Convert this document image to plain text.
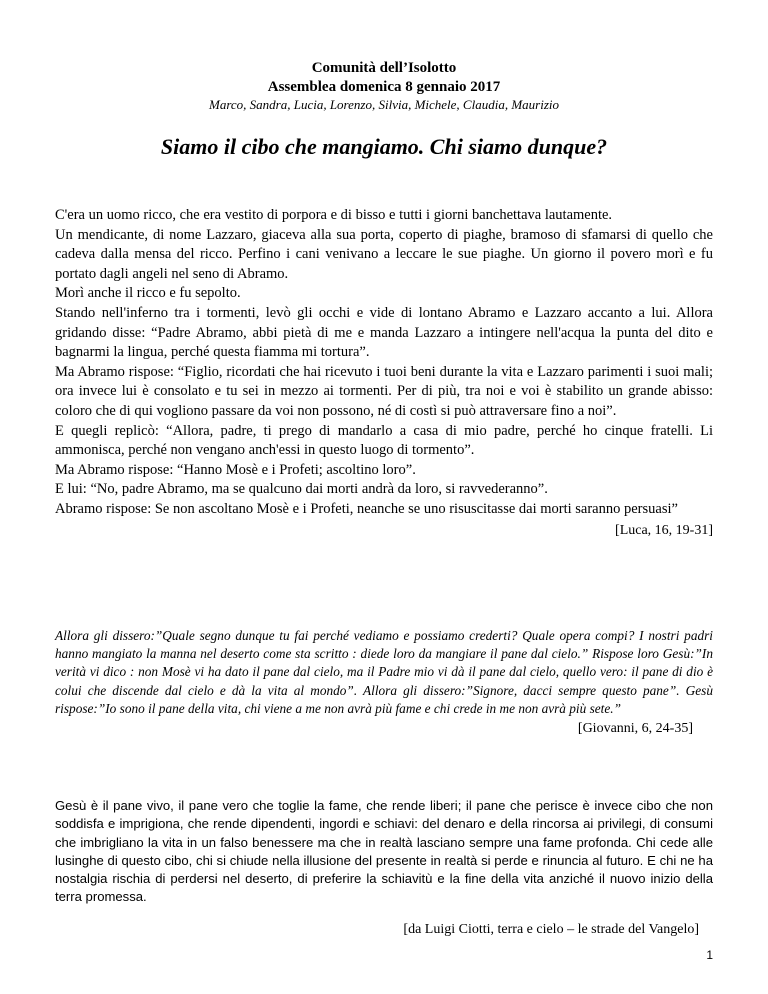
Comunità dell’Isolotto
Assemblea domenica 8 gennaio 2017
Marco, Sandra, Lucia, Lorenzo, Silvia, Michele, Claudia, Maurizio
Siamo il cibo che mangiamo. Chi siamo dunque?

C'era un uomo ricco, che era vestito di porpora e di bisso e tutti i giorni banchettava lautamente.

Un mendicante, di nome Lazzaro, giaceva alla sua porta, coperto di piaghe, bramoso di sfamarsi di quello che cadeva dalla mensa del ricco. Perfino i cani venivano a leccare le sue piaghe. Un giorno il povero morì e fu portato dagli angeli nel seno di Abramo.

Morì anche il ricco e fu sepolto.

Stando nell'inferno tra i tormenti, levò gli occhi e vide di lontano Abramo e Lazzaro accanto a lui. Allora gridando disse: “Padre Abramo, abbi pietà di me e manda Lazzaro a intingere nell'acqua la punta del dito e bagnarmi la lingua, perché questa fiamma mi tortura”.

Ma Abramo rispose: “Figlio, ricordati che hai ricevuto i tuoi beni durante la vita e Lazzaro parimenti i suoi mali; ora invece lui è consolato e tu sei in mezzo ai tormenti. Per di più, tra noi e voi è stabilito un grande abisso: coloro che di qui vogliono passare da voi non possono, né di costì si può attraversare fino a noi”.

E quegli replicò: “Allora, padre, ti prego di mandarlo a casa di mio padre, perché ho cinque fratelli. Li ammonisca, perché non vengano anch'essi in questo luogo di tormento”.

Ma Abramo rispose: “Hanno Mosè e i Profeti; ascoltino loro”.

E lui: “No, padre Abramo, ma se qualcuno dai morti andrà da loro, si ravvederanno”.

Abramo rispose: Se non ascoltano Mosè e i Profeti, neanche se uno risuscitasse dai morti saranno persuasi”

[Luca, 16, 19-31]

Allora gli dissero:”Quale segno dunque tu fai perché vediamo e possiamo crederti? Quale opera compi? I nostri padri hanno mangiato la manna nel deserto come sta scritto : diede loro da mangiare il pane dal cielo.” Rispose loro Gesù:”In verità vi dico : non Mosè vi ha dato il pane dal cielo, ma il Padre mio vi dà il pane dal cielo, quello vero: il pane di dio è colui che discende dal cielo e dà la vita al mondo”. Allora gli dissero:”Signore, dacci sempre questo pane”. Gesù rispose:”Io sono il pane della vita, chi viene a me non avrà più fame e chi crede in me non avrà più sete.”

[Giovanni, 6, 24-35]

Gesù è il pane vivo, il pane vero che toglie la fame, che rende liberi; il pane che perisce è invece cibo che non soddisfa e imprigiona, che rende dipendenti, ingordi e schiavi: del denaro e della rincorsa ai privilegi, di consumi che imbrigliano la vita in un falso benessere ma che in realtà lasciano sempre una fame profonda. Chi cede alle lusinghe di questo cibo, chi si chiude nella illusione del presente in realtà si perde e rinuncia al futuro. E chi ne ha nostalgia rischia di perdersi nel deserto, di preferire la schiavitù e la fine della vita anziché il nuovo inizio della terra promessa.

[da Luigi Ciotti, terra e cielo – le strade del Vangelo]

1
